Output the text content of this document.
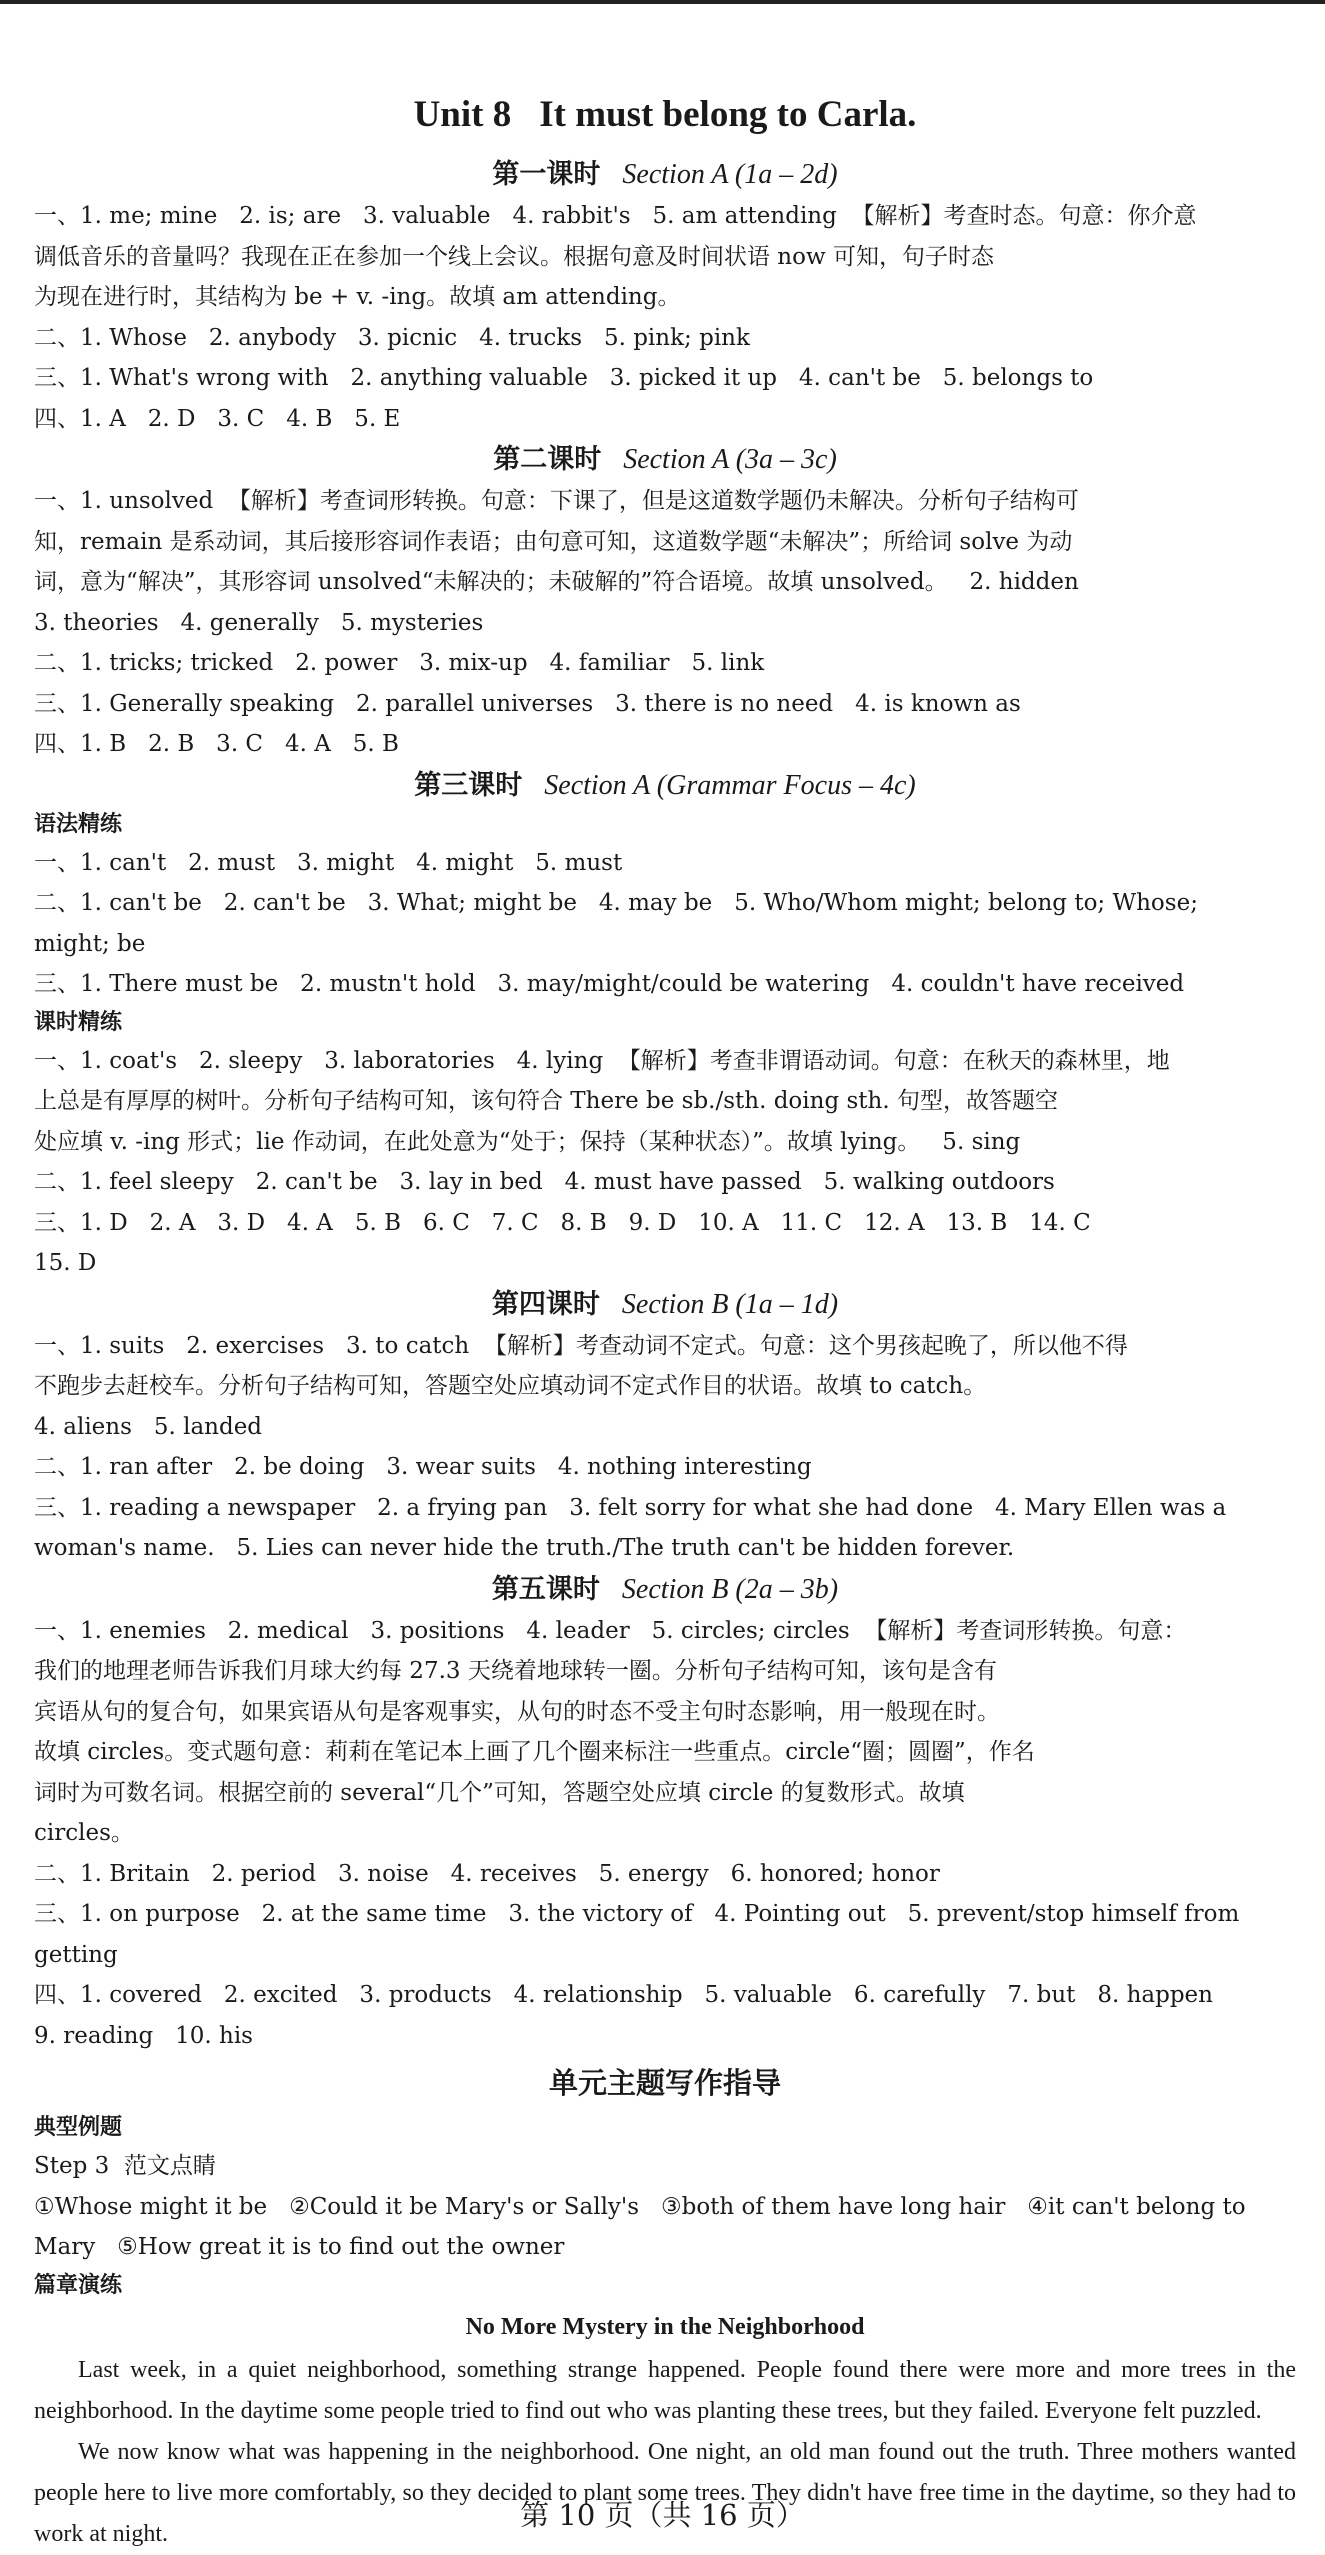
Unit 8 It must belong to Carla.
第一课时 Section A (1a – 2d)

一、1. me; mine   2. is; are   3. valuable   4. rabbit's   5. am attending  【解析】考查时态。句意：你介意

调低音乐的音量吗？我现在正在参加一个线上会议。根据句意及时间状语 now 可知，句子时态

为现在进行时，其结构为 be + v. -ing。故填 am attending。

二、1. Whose   2. anybody   3. picnic   4. trucks   5. pink; pink

三、1. What's wrong with   2. anything valuable   3. picked it up   4. can't be   5. belongs to

四、1. A   2. D   3. C   4. B   5. E

第二课时 Section A (3a – 3c)

一、1. unsolved  【解析】考查词形转换。句意：下课了，但是这道数学题仍未解决。分析句子结构可

知，remain 是系动词，其后接形容词作表语；由句意可知，这道数学题“未解决”；所给词 solve 为动

词，意为“解决”，其形容词 unsolved“未解决的；未破解的”符合语境。故填 unsolved。   2. hidden

3. theories   4. generally   5. mysteries

二、1. tricks; tricked   2. power   3. mix-up   4. familiar   5. link

三、1. Generally speaking   2. parallel universes   3. there is no need   4. is known as

四、1. B   2. B   3. C   4. A   5. B

第三课时 Section A (Grammar Focus – 4c)

语法精练

一、1. can't   2. must   3. might   4. might   5. must

二、1. can't be   2. can't be   3. What; might be   4. may be   5. Who/Whom might; belong to; Whose;

might; be

三、1. There must be   2. mustn't hold   3. may/might/could be watering   4. couldn't have received

课时精练

一、1. coat's   2. sleepy   3. laboratories   4. lying  【解析】考查非谓语动词。句意：在秋天的森林里，地

上总是有厚厚的树叶。分析句子结构可知，该句符合 There be sb./sth. doing sth. 句型，故答题空

处应填 v. -ing 形式；lie 作动词，在此处意为“处于；保持（某种状态）”。故填 lying。   5. sing

二、1. feel sleepy   2. can't be   3. lay in bed   4. must have passed   5. walking outdoors

三、1. D   2. A   3. D   4. A   5. B   6. C   7. C   8. B   9. D   10. A   11. C   12. A   13. B   14. C

15. D

第四课时 Section B (1a – 1d)

一、1. suits   2. exercises   3. to catch  【解析】考查动词不定式。句意：这个男孩起晚了，所以他不得

不跑步去赶校车。分析句子结构可知，答题空处应填动词不定式作目的状语。故填 to catch。

4. aliens   5. landed

二、1. ran after   2. be doing   3. wear suits   4. nothing interesting

三、1. reading a newspaper   2. a frying pan   3. felt sorry for what she had done   4. Mary Ellen was a

woman's name.   5. Lies can never hide the truth./The truth can't be hidden forever.

第五课时 Section B (2a – 3b)

一、1. enemies   2. medical   3. positions   4. leader   5. circles; circles  【解析】考查词形转换。句意：

我们的地理老师告诉我们月球大约每 27.3 天绕着地球转一圈。分析句子结构可知，该句是含有

宾语从句的复合句，如果宾语从句是客观事实，从句的时态不受主句时态影响，用一般现在时。

故填 circles。变式题句意：莉莉在笔记本上画了几个圈来标注一些重点。circle“圈；圆圈”，作名

词时为可数名词。根据空前的 several“几个”可知，答题空处应填 circle 的复数形式。故填

circles。

二、1. Britain   2. period   3. noise   4. receives   5. energy   6. honored; honor

三、1. on purpose   2. at the same time   3. the victory of   4. Pointing out   5. prevent/stop himself from

getting

四、1. covered   2. excited   3. products   4. relationship   5. valuable   6. carefully   7. but   8. happen

9. reading   10. his

单元主题写作指导

典型例题

Step 3  范文点睛

①Whose might it be   ②Could it be Mary's or Sally's   ③both of them have long hair   ④it can't belong to

Mary   ⑤How great it is to find out the owner

篇章演练

No More Mystery in the Neighborhood

Last week, in a quiet neighborhood, something strange happened. People found there were more and more trees in the neighborhood. In the daytime some people tried to find out who was planting these trees, but they failed. Everyone felt puzzled.

We now know what was happening in the neighborhood. One night, an old man found out the truth. Three mothers wanted people here to live more comfortably, so they decided to plant some trees. They didn't have free time in the daytime, so they had to work at night.

第 10 页（共 16 页）
